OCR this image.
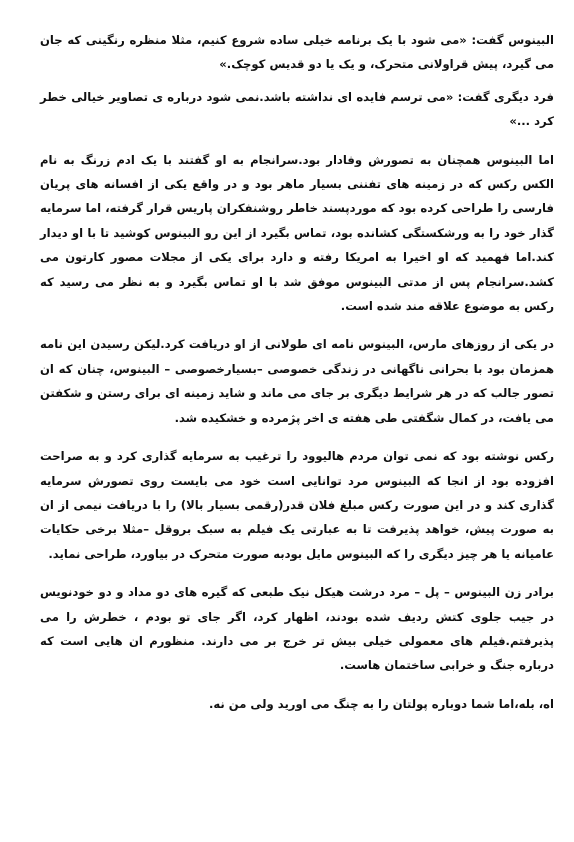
البینوس گفت: «می شود با یک برنامه خیلی ساده شروع کنیم، مثلا منظره رنگینی که جان می گیرد، پیش قراولانی متحرک، و یک یا دو قدیس کوچک.»

فرد دیگری گفت: «می ترسم فایده ای نداشته باشد.نمی شود درباره ی تصاویر خیالی خطر کرد ...»

اما البینوس همچنان به تصورش وفادار بود.سرانجام به او گفتند با یک ادم زرنگ به نام الکس رکس که در زمینه های تفننی بسیار ماهر بود و در واقع یکی از افسانه های پریان فارسی را طراحی کرده بود که موردپسند خاطر روشنفکران پاریس قرار گرفته، اما سرمایه گذار خود را به ورشکستگی کشانده بود، تماس بگیرد از این رو البینوس کوشید تا با او دیدار کند.اما فهمید که او اخیرا به امریکا رفته و دارد برای یکی از مجلات مصور کارتون می کشد.سرانجام پس از مدتی البینوس موفق شد با او تماس بگیرد و به نظر می رسید که رکس به موضوع علاقه مند شده است.

در یکی از روزهای مارس، البینوس نامه ای طولانی از او دریافت کرد.لیکن رسیدن این نامه همزمان بود با بحرانی ناگهانی در زندگی خصوصی –بسیارخصوصی – البینوس، چنان که ان تصور جالب که در هر شرایط دیگری بر جای می ماند و شاید زمینه ای برای رستن و شکفتن می یافت، در کمال شگفتی طی هفته ی اخر پژمرده و خشکیده شد.

رکس نوشته بود که نمی توان مردم هالیوود را ترغیب به سرمایه گذاری کرد و به صراحت افزوده بود از انجا که البینوس مرد توانایی است خود می بایست روی تصورش سرمایه گذاری کند و در این صورت رکس مبلغ فلان قدر(رقمی بسیار بالا) را با دریافت نیمی از ان به صورت پیش، خواهد پذیرفت تا به عبارتی یک فیلم به سبک بروقل –مثلا برخی حکایات عامیانه یا هر چیز دیگری را که البینوس مایل بودبه صورت متحرک در بیاورد، طراحی نماید.

برادر زن البینوس – پل – مرد درشت هیکل نیک طبعی که گیره های دو مداد و دو خودنویس در جیب جلوی کتش ردیف شده بودند، اظهار کرد، اگر جای تو بودم ، خطرش را می پذیرفتم.فیلم های معمولی خیلی بیش تر خرج بر می دارند. منظورم ان هایی است که درباره جنگ و خرابی ساختمان هاست.

اه، بله،اما شما دوباره پولتان را به چنگ می اورید ولی من نه.
